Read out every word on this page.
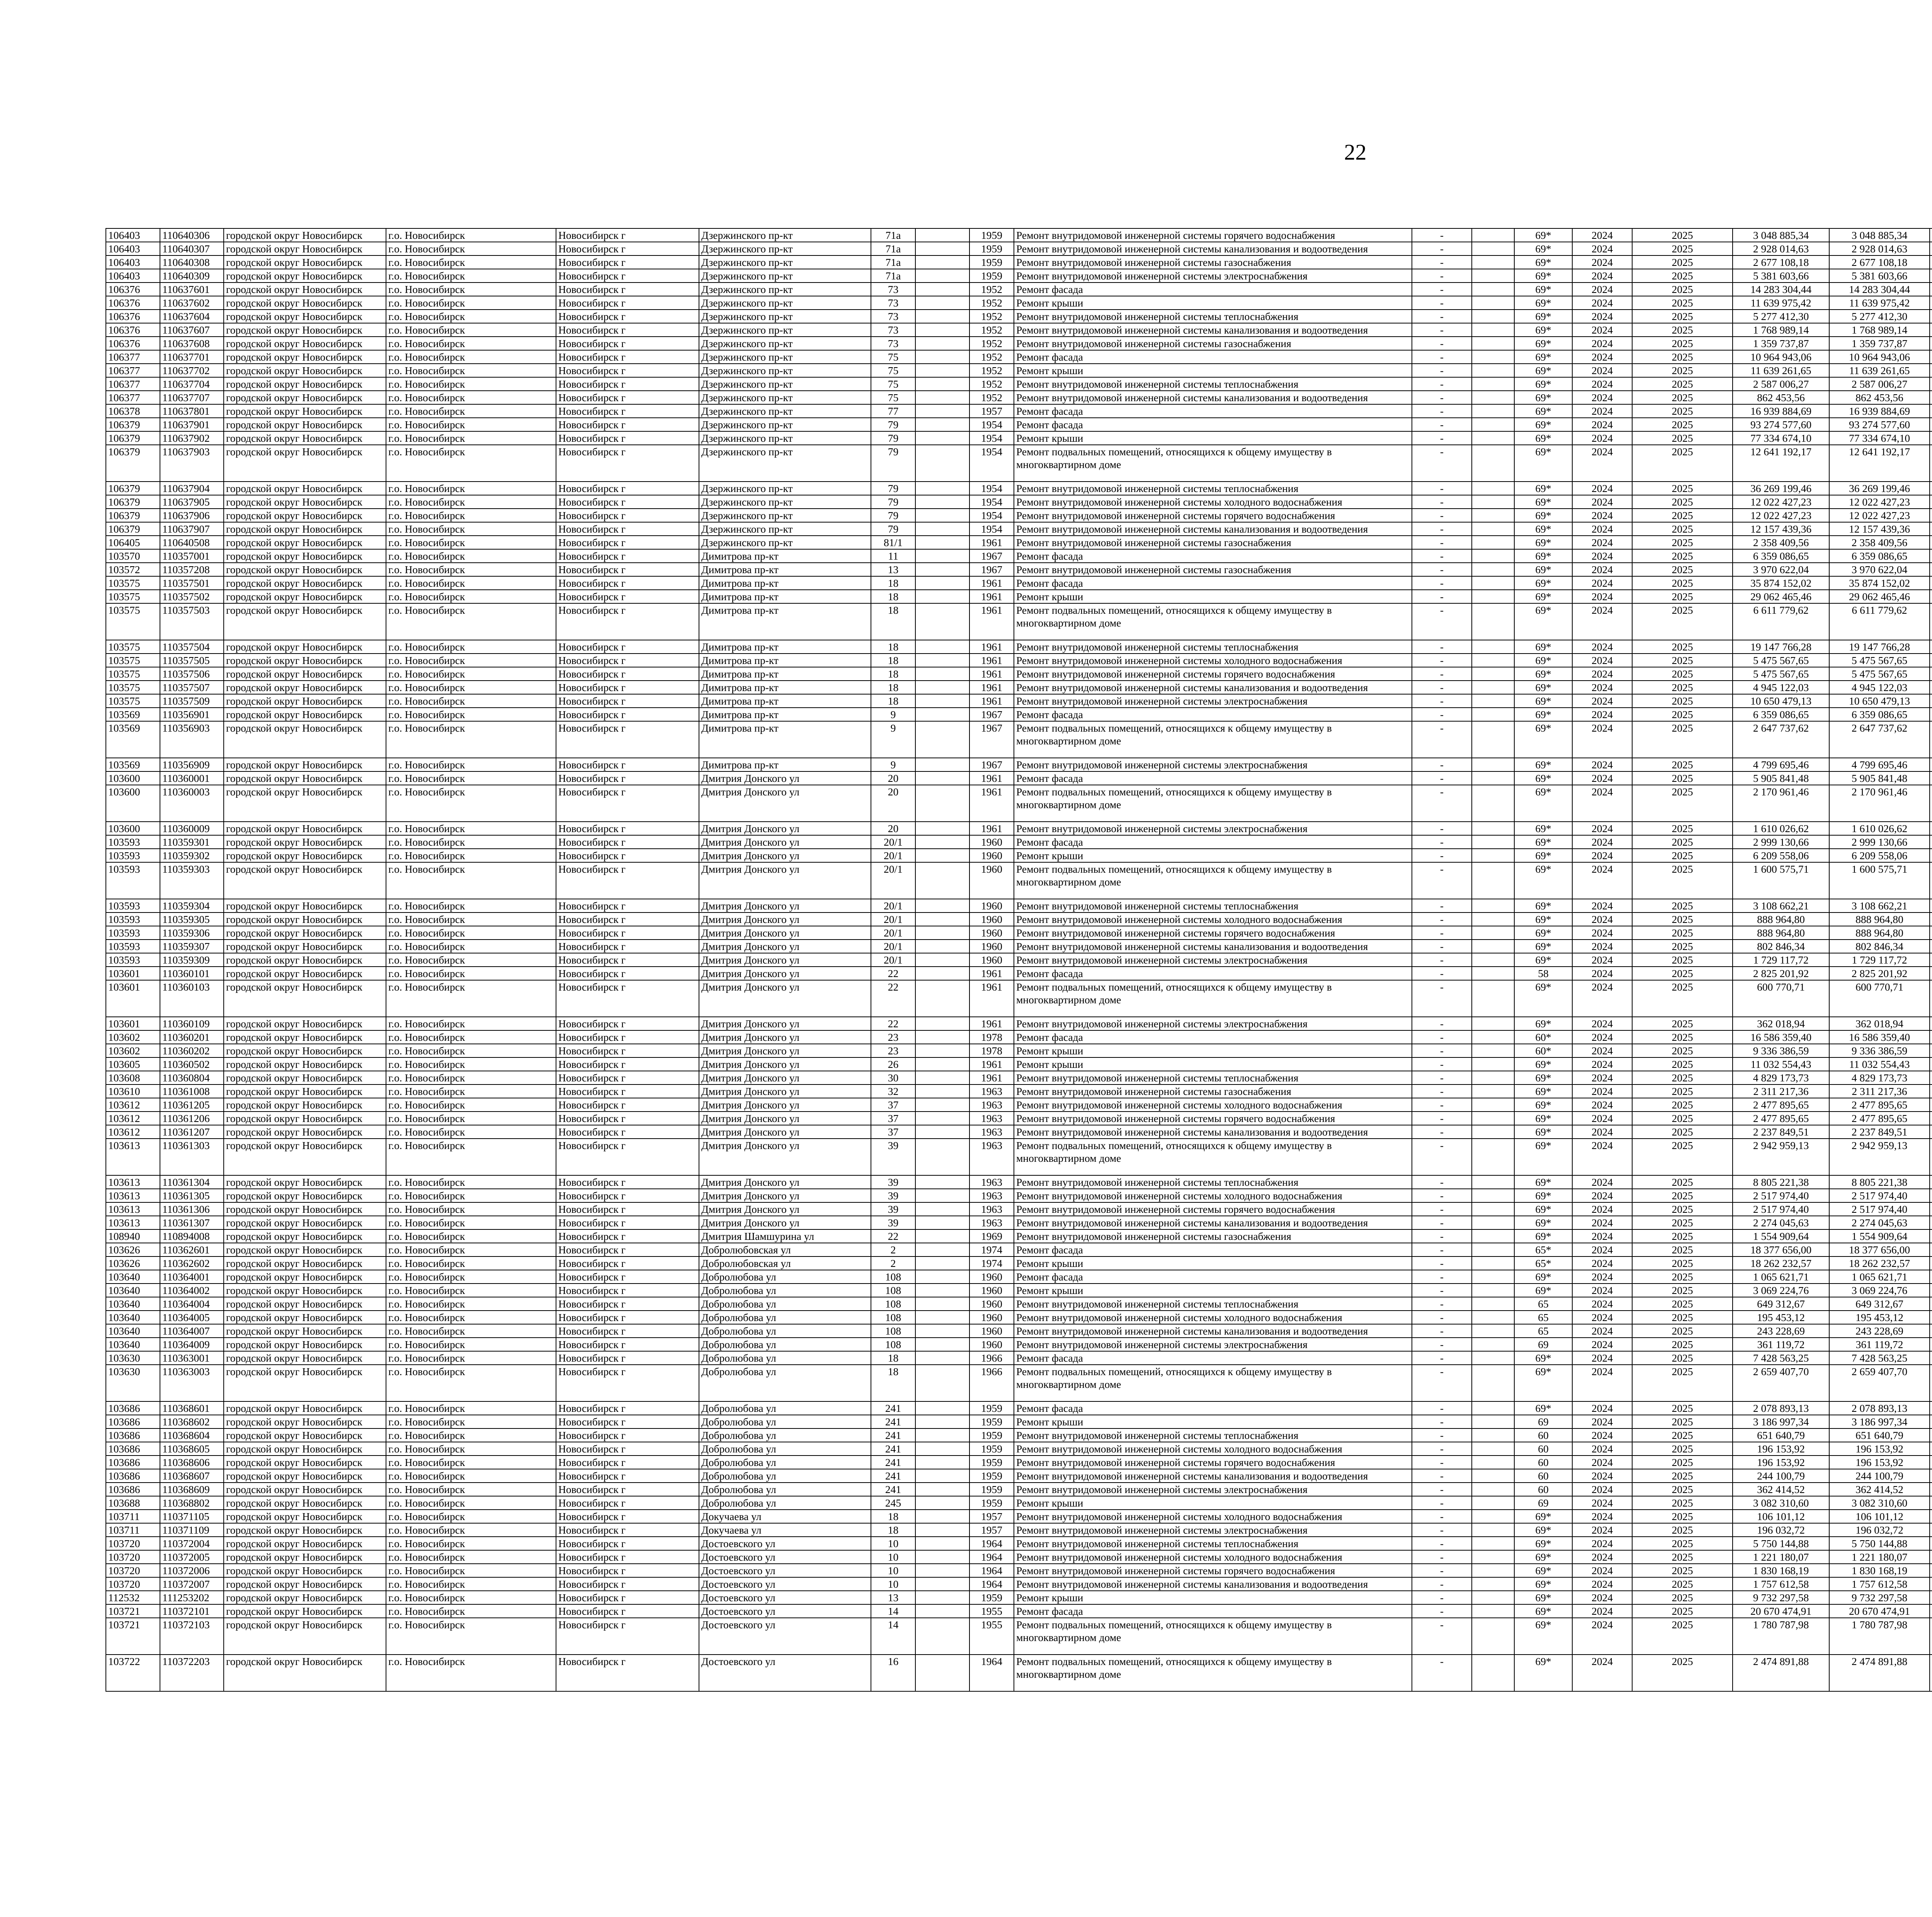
22
106403	110640306	городской округ Новосибирск	г.о. Новосибирск	Новосибирск г	Дзержинского пр-кт	71а		1959	Ремонт внутридомовой инженерной системы горячего водоснабжения	-		69*	2024	2025	3 048 885,34	3 048 885,34						
106403	110640307	городской округ Новосибирск	г.о. Новосибирск	Новосибирск г	Дзержинского пр-кт	71а		1959	Ремонт внутридомовой инженерной системы канализования и водоотведения	-		69*	2024	2025	2 928 014,63	2 928 014,63						
106403	110640308	городской округ Новосибирск	г.о. Новосибирск	Новосибирск г	Дзержинского пр-кт	71а		1959	Ремонт внутридомовой инженерной системы газоснабжения	-		69*	2024	2025	2 677 108,18	2 677 108,18						
106403	110640309	городской округ Новосибирск	г.о. Новосибирск	Новосибирск г	Дзержинского пр-кт	71а		1959	Ремонт внутридомовой инженерной системы электроснабжения	-		69*	2024	2025	5 381 603,66	5 381 603,66						
106376	110637601	городской округ Новосибирск	г.о. Новосибирск	Новосибирск г	Дзержинского пр-кт	73		1952	Ремонт фасада	-		69*	2024	2025	14 283 304,44	14 283 304,44						
106376	110637602	городской округ Новосибирск	г.о. Новосибирск	Новосибирск г	Дзержинского пр-кт	73		1952	Ремонт крыши	-		69*	2024	2025	11 639 975,42	11 639 975,42						
106376	110637604	городской округ Новосибирск	г.о. Новосибирск	Новосибирск г	Дзержинского пр-кт	73		1952	Ремонт внутридомовой инженерной системы теплоснабжения	-		69*	2024	2025	5 277 412,30	5 277 412,30						
106376	110637607	городской округ Новосибирск	г.о. Новосибирск	Новосибирск г	Дзержинского пр-кт	73		1952	Ремонт внутридомовой инженерной системы канализования и водоотведения	-		69*	2024	2025	1 768 989,14	1 768 989,14						
106376	110637608	городской округ Новосибирск	г.о. Новосибирск	Новосибирск г	Дзержинского пр-кт	73		1952	Ремонт внутридомовой инженерной системы газоснабжения	-		69*	2024	2025	1 359 737,87	1 359 737,87						
106377	110637701	городской округ Новосибирск	г.о. Новосибирск	Новосибирск г	Дзержинского пр-кт	75		1952	Ремонт фасада	-		69*	2024	2025	10 964 943,06	10 964 943,06						
106377	110637702	городской округ Новосибирск	г.о. Новосибирск	Новосибирск г	Дзержинского пр-кт	75		1952	Ремонт крыши	-		69*	2024	2025	11 639 261,65	11 639 261,65						
106377	110637704	городской округ Новосибирск	г.о. Новосибирск	Новосибирск г	Дзержинского пр-кт	75		1952	Ремонт внутридомовой инженерной системы теплоснабжения	-		69*	2024	2025	2 587 006,27	2 587 006,27						
106377	110637707	городской округ Новосибирск	г.о. Новосибирск	Новосибирск г	Дзержинского пр-кт	75		1952	Ремонт внутридомовой инженерной системы канализования и водоотведения	-		69*	2024	2025	862 453,56	862 453,56						
106378	110637801	городской округ Новосибирск	г.о. Новосибирск	Новосибирск г	Дзержинского пр-кт	77		1957	Ремонт фасада	-		69*	2024	2025	16 939 884,69	16 939 884,69						
106379	110637901	городской округ Новосибирск	г.о. Новосибирск	Новосибирск г	Дзержинского пр-кт	79		1954	Ремонт фасада	-		69*	2024	2025	93 274 577,60	93 274 577,60						
106379	110637902	городской округ Новосибирск	г.о. Новосибирск	Новосибирск г	Дзержинского пр-кт	79		1954	Ремонт крыши	-		69*	2024	2025	77 334 674,10	77 334 674,10						
106379	110637903	городской округ Новосибирск	г.о. Новосибирск	Новосибирск г	Дзержинского пр-кт	79		1954	Ремонт подвальных помещений, относящихся к общему имуществу в многоквартирном доме	-		69*	2024	2025	12 641 192,17	12 641 192,17						
106379	110637904	городской округ Новосибирск	г.о. Новосибирск	Новосибирск г	Дзержинского пр-кт	79		1954	Ремонт внутридомовой инженерной системы теплоснабжения	-		69*	2024	2025	36 269 199,46	36 269 199,46						
106379	110637905	городской округ Новосибирск	г.о. Новосибирск	Новосибирск г	Дзержинского пр-кт	79		1954	Ремонт внутридомовой инженерной системы холодного водоснабжения	-		69*	2024	2025	12 022 427,23	12 022 427,23						
106379	110637906	городской округ Новосибирск	г.о. Новосибирск	Новосибирск г	Дзержинского пр-кт	79		1954	Ремонт внутридомовой инженерной системы горячего водоснабжения	-		69*	2024	2025	12 022 427,23	12 022 427,23						
106379	110637907	городской округ Новосибирск	г.о. Новосибирск	Новосибирск г	Дзержинского пр-кт	79		1954	Ремонт внутридомовой инженерной системы канализования и водоотведения	-		69*	2024	2025	12 157 439,36	12 157 439,36						
106405	110640508	городской округ Новосибирск	г.о. Новосибирск	Новосибирск г	Дзержинского пр-кт	81/1		1961	Ремонт внутридомовой инженерной системы газоснабжения	-		69*	2024	2025	2 358 409,56	2 358 409,56						
103570	110357001	городской округ Новосибирск	г.о. Новосибирск	Новосибирск г	Димитрова пр-кт	11		1967	Ремонт фасада	-		69*	2024	2025	6 359 086,65	6 359 086,65						
103572	110357208	городской округ Новосибирск	г.о. Новосибирск	Новосибирск г	Димитрова пр-кт	13		1967	Ремонт внутридомовой инженерной системы газоснабжения	-		69*	2024	2025	3 970 622,04	3 970 622,04						
103575	110357501	городской округ Новосибирск	г.о. Новосибирск	Новосибирск г	Димитрова пр-кт	18		1961	Ремонт фасада	-		69*	2024	2025	35 874 152,02	35 874 152,02						
103575	110357502	городской округ Новосибирск	г.о. Новосибирск	Новосибирск г	Димитрова пр-кт	18		1961	Ремонт крыши	-		69*	2024	2025	29 062 465,46	29 062 465,46						
103575	110357503	городской округ Новосибирск	г.о. Новосибирск	Новосибирск г	Димитрова пр-кт	18		1961	Ремонт подвальных помещений, относящихся к общему имуществу в многоквартирном доме	-		69*	2024	2025	6 611 779,62	6 611 779,62						
103575	110357504	городской округ Новосибирск	г.о. Новосибирск	Новосибирск г	Димитрова пр-кт	18		1961	Ремонт внутридомовой инженерной системы теплоснабжения	-		69*	2024	2025	19 147 766,28	19 147 766,28						
103575	110357505	городской округ Новосибирск	г.о. Новосибирск	Новосибирск г	Димитрова пр-кт	18		1961	Ремонт внутридомовой инженерной системы холодного водоснабжения	-		69*	2024	2025	5 475 567,65	5 475 567,65						
103575	110357506	городской округ Новосибирск	г.о. Новосибирск	Новосибирск г	Димитрова пр-кт	18		1961	Ремонт внутридомовой инженерной системы горячего водоснабжения	-		69*	2024	2025	5 475 567,65	5 475 567,65						
103575	110357507	городской округ Новосибирск	г.о. Новосибирск	Новосибирск г	Димитрова пр-кт	18		1961	Ремонт внутридомовой инженерной системы канализования и водоотведения	-		69*	2024	2025	4 945 122,03	4 945 122,03						
103575	110357509	городской округ Новосибирск	г.о. Новосибирск	Новосибирск г	Димитрова пр-кт	18		1961	Ремонт внутридомовой инженерной системы электроснабжения	-		69*	2024	2025	10 650 479,13	10 650 479,13						
103569	110356901	городской округ Новосибирск	г.о. Новосибирск	Новосибирск г	Димитрова пр-кт	9		1967	Ремонт фасада	-		69*	2024	2025	6 359 086,65	6 359 086,65						
103569	110356903	городской округ Новосибирск	г.о. Новосибирск	Новосибирск г	Димитрова пр-кт	9		1967	Ремонт подвальных помещений, относящихся к общему имуществу в многоквартирном доме	-		69*	2024	2025	2 647 737,62	2 647 737,62						
103569	110356909	городской округ Новосибирск	г.о. Новосибирск	Новосибирск г	Димитрова пр-кт	9		1967	Ремонт внутридомовой инженерной системы электроснабжения	-		69*	2024	2025	4 799 695,46	4 799 695,46						
103600	110360001	городской округ Новосибирск	г.о. Новосибирск	Новосибирск г	Дмитрия Донского ул	20		1961	Ремонт фасада	-		69*	2024	2025	5 905 841,48	5 905 841,48						
103600	110360003	городской округ Новосибирск	г.о. Новосибирск	Новосибирск г	Дмитрия Донского ул	20		1961	Ремонт подвальных помещений, относящихся к общему имуществу в многоквартирном доме	-		69*	2024	2025	2 170 961,46	2 170 961,46						
103600	110360009	городской округ Новосибирск	г.о. Новосибирск	Новосибирск г	Дмитрия Донского ул	20		1961	Ремонт внутридомовой инженерной системы электроснабжения	-		69*	2024	2025	1 610 026,62	1 610 026,62						
103593	110359301	городской округ Новосибирск	г.о. Новосибирск	Новосибирск г	Дмитрия Донского ул	20/1		1960	Ремонт фасада	-		69*	2024	2025	2 999 130,66	2 999 130,66						
103593	110359302	городской округ Новосибирск	г.о. Новосибирск	Новосибирск г	Дмитрия Донского ул	20/1		1960	Ремонт крыши	-		69*	2024	2025	6 209 558,06	6 209 558,06						
103593	110359303	городской округ Новосибирск	г.о. Новосибирск	Новосибирск г	Дмитрия Донского ул	20/1		1960	Ремонт подвальных помещений, относящихся к общему имуществу в многоквартирном доме	-		69*	2024	2025	1 600 575,71	1 600 575,71						
103593	110359304	городской округ Новосибирск	г.о. Новосибирск	Новосибирск г	Дмитрия Донского ул	20/1		1960	Ремонт внутридомовой инженерной системы теплоснабжения	-		69*	2024	2025	3 108 662,21	3 108 662,21						
103593	110359305	городской округ Новосибирск	г.о. Новосибирск	Новосибирск г	Дмитрия Донского ул	20/1		1960	Ремонт внутридомовой инженерной системы холодного водоснабжения	-		69*	2024	2025	888 964,80	888 964,80						
103593	110359306	городской округ Новосибирск	г.о. Новосибирск	Новосибирск г	Дмитрия Донского ул	20/1		1960	Ремонт внутридомовой инженерной системы горячего водоснабжения	-		69*	2024	2025	888 964,80	888 964,80						
103593	110359307	городской округ Новосибирск	г.о. Новосибирск	Новосибирск г	Дмитрия Донского ул	20/1		1960	Ремонт внутридомовой инженерной системы канализования и водоотведения	-		69*	2024	2025	802 846,34	802 846,34						
103593	110359309	городской округ Новосибирск	г.о. Новосибирск	Новосибирск г	Дмитрия Донского ул	20/1		1960	Ремонт внутридомовой инженерной системы электроснабжения	-		69*	2024	2025	1 729 117,72	1 729 117,72						
103601	110360101	городской округ Новосибирск	г.о. Новосибирск	Новосибирск г	Дмитрия Донского ул	22		1961	Ремонт фасада	-		58	2024	2025	2 825 201,92	2 825 201,92						
103601	110360103	городской округ Новосибирск	г.о. Новосибирск	Новосибирск г	Дмитрия Донского ул	22		1961	Ремонт подвальных помещений, относящихся к общему имуществу в многоквартирном доме	-		69*	2024	2025	600 770,71	600 770,71						
103601	110360109	городской округ Новосибирск	г.о. Новосибирск	Новосибирск г	Дмитрия Донского ул	22		1961	Ремонт внутридомовой инженерной системы электроснабжения	-		69*	2024	2025	362 018,94	362 018,94						
103602	110360201	городской округ Новосибирск	г.о. Новосибирск	Новосибирск г	Дмитрия Донского ул	23		1978	Ремонт фасада	-		60*	2024	2025	16 586 359,40	16 586 359,40						
103602	110360202	городской округ Новосибирск	г.о. Новосибирск	Новосибирск г	Дмитрия Донского ул	23		1978	Ремонт крыши	-		60*	2024	2025	9 336 386,59	9 336 386,59						
103605	110360502	городской округ Новосибирск	г.о. Новосибирск	Новосибирск г	Дмитрия Донского ул	26		1961	Ремонт крыши	-		69*	2024	2025	11 032 554,43	11 032 554,43						
103608	110360804	городской округ Новосибирск	г.о. Новосибирск	Новосибирск г	Дмитрия Донского ул	30		1961	Ремонт внутридомовой инженерной системы теплоснабжения	-		69*	2024	2025	4 829 173,73	4 829 173,73						
103610	110361008	городской округ Новосибирск	г.о. Новосибирск	Новосибирск г	Дмитрия Донского ул	32		1963	Ремонт внутридомовой инженерной системы газоснабжения	-		69*	2024	2025	2 311 217,36	2 311 217,36						
103612	110361205	городской округ Новосибирск	г.о. Новосибирск	Новосибирск г	Дмитрия Донского ул	37		1963	Ремонт внутридомовой инженерной системы холодного водоснабжения	-		69*	2024	2025	2 477 895,65	2 477 895,65						
103612	110361206	городской округ Новосибирск	г.о. Новосибирск	Новосибирск г	Дмитрия Донского ул	37		1963	Ремонт внутридомовой инженерной системы горячего водоснабжения	-		69*	2024	2025	2 477 895,65	2 477 895,65						
103612	110361207	городской округ Новосибирск	г.о. Новосибирск	Новосибирск г	Дмитрия Донского ул	37		1963	Ремонт внутридомовой инженерной системы канализования и водоотведения	-		69*	2024	2025	2 237 849,51	2 237 849,51						
103613	110361303	городской округ Новосибирск	г.о. Новосибирск	Новосибирск г	Дмитрия Донского ул	39		1963	Ремонт подвальных помещений, относящихся к общему имуществу в многоквартирном доме	-		69*	2024	2025	2 942 959,13	2 942 959,13						
103613	110361304	городской округ Новосибирск	г.о. Новосибирск	Новосибирск г	Дмитрия Донского ул	39		1963	Ремонт внутридомовой инженерной системы теплоснабжения	-		69*	2024	2025	8 805 221,38	8 805 221,38						
103613	110361305	городской округ Новосибирск	г.о. Новосибирск	Новосибирск г	Дмитрия Донского ул	39		1963	Ремонт внутридомовой инженерной системы холодного водоснабжения	-		69*	2024	2025	2 517 974,40	2 517 974,40						
103613	110361306	городской округ Новосибирск	г.о. Новосибирск	Новосибирск г	Дмитрия Донского ул	39		1963	Ремонт внутридомовой инженерной системы горячего водоснабжения	-		69*	2024	2025	2 517 974,40	2 517 974,40						
103613	110361307	городской округ Новосибирск	г.о. Новосибирск	Новосибирск г	Дмитрия Донского ул	39		1963	Ремонт внутридомовой инженерной системы канализования и водоотведения	-		69*	2024	2025	2 274 045,63	2 274 045,63						
108940	110894008	городской округ Новосибирск	г.о. Новосибирск	Новосибирск г	Дмитрия Шамшурина ул	22		1969	Ремонт внутридомовой инженерной системы газоснабжения	-		69*	2024	2025	1 554 909,64	1 554 909,64						
103626	110362601	городской округ Новосибирск	г.о. Новосибирск	Новосибирск г	Добролюбовская ул	2		1974	Ремонт фасада	-		65*	2024	2025	18 377 656,00	18 377 656,00						
103626	110362602	городской округ Новосибирск	г.о. Новосибирск	Новосибирск г	Добролюбовская ул	2		1974	Ремонт крыши	-		65*	2024	2025	18 262 232,57	18 262 232,57						
103640	110364001	городской округ Новосибирск	г.о. Новосибирск	Новосибирск г	Добролюбова ул	108		1960	Ремонт фасада	-		69*	2024	2025	1 065 621,71	1 065 621,71						
103640	110364002	городской округ Новосибирск	г.о. Новосибирск	Новосибирск г	Добролюбова ул	108		1960	Ремонт крыши	-		69*	2024	2025	3 069 224,76	3 069 224,76						
103640	110364004	городской округ Новосибирск	г.о. Новосибирск	Новосибирск г	Добролюбова ул	108		1960	Ремонт внутридомовой инженерной системы теплоснабжения	-		65	2024	2025	649 312,67	649 312,67						
103640	110364005	городской округ Новосибирск	г.о. Новосибирск	Новосибирск г	Добролюбова ул	108		1960	Ремонт внутридомовой инженерной системы холодного водоснабжения	-		65	2024	2025	195 453,12	195 453,12						
103640	110364007	городской округ Новосибирск	г.о. Новосибирск	Новосибирск г	Добролюбова ул	108		1960	Ремонт внутридомовой инженерной системы канализования и водоотведения	-		65	2024	2025	243 228,69	243 228,69						
103640	110364009	городской округ Новосибирск	г.о. Новосибирск	Новосибирск г	Добролюбова ул	108		1960	Ремонт внутридомовой инженерной системы электроснабжения	-		69	2024	2025	361 119,72	361 119,72						
103630	110363001	городской округ Новосибирск	г.о. Новосибирск	Новосибирск г	Добролюбова ул	18		1966	Ремонт фасада	-		69*	2024	2025	7 428 563,25	7 428 563,25						
103630	110363003	городской округ Новосибирск	г.о. Новосибирск	Новосибирск г	Добролюбова ул	18		1966	Ремонт подвальных помещений, относящихся к общему имуществу в многоквартирном доме	-		69*	2024	2025	2 659 407,70	2 659 407,70						
103686	110368601	городской округ Новосибирск	г.о. Новосибирск	Новосибирск г	Добролюбова ул	241		1959	Ремонт фасада	-		69*	2024	2025	2 078 893,13	2 078 893,13						
103686	110368602	городской округ Новосибирск	г.о. Новосибирск	Новосибирск г	Добролюбова ул	241		1959	Ремонт крыши	-		69	2024	2025	3 186 997,34	3 186 997,34						
103686	110368604	городской округ Новосибирск	г.о. Новосибирск	Новосибирск г	Добролюбова ул	241		1959	Ремонт внутридомовой инженерной системы теплоснабжения	-		60	2024	2025	651 640,79	651 640,79						
103686	110368605	городской округ Новосибирск	г.о. Новосибирск	Новосибирск г	Добролюбова ул	241		1959	Ремонт внутридомовой инженерной системы холодного водоснабжения	-		60	2024	2025	196 153,92	196 153,92						
103686	110368606	городской округ Новосибирск	г.о. Новосибирск	Новосибирск г	Добролюбова ул	241		1959	Ремонт внутридомовой инженерной системы горячего водоснабжения	-		60	2024	2025	196 153,92	196 153,92						
103686	110368607	городской округ Новосибирск	г.о. Новосибирск	Новосибирск г	Добролюбова ул	241		1959	Ремонт внутридомовой инженерной системы канализования и водоотведения	-		60	2024	2025	244 100,79	244 100,79						
103686	110368609	городской округ Новосибирск	г.о. Новосибирск	Новосибирск г	Добролюбова ул	241		1959	Ремонт внутридомовой инженерной системы электроснабжения	-		60	2024	2025	362 414,52	362 414,52						
103688	110368802	городской округ Новосибирск	г.о. Новосибирск	Новосибирск г	Добролюбова ул	245		1959	Ремонт крыши	-		69	2024	2025	3 082 310,60	3 082 310,60						
103711	110371105	городской округ Новосибирск	г.о. Новосибирск	Новосибирск г	Докучаева ул	18		1957	Ремонт внутридомовой инженерной системы холодного водоснабжения	-		69*	2024	2025	106 101,12	106 101,12						
103711	110371109	городской округ Новосибирск	г.о. Новосибирск	Новосибирск г	Докучаева ул	18		1957	Ремонт внутридомовой инженерной системы электроснабжения	-		69*	2024	2025	196 032,72	196 032,72						
103720	110372004	городской округ Новосибирск	г.о. Новосибирск	Новосибирск г	Достоевского ул	10		1964	Ремонт внутридомовой инженерной системы теплоснабжения	-		69*	2024	2025	5 750 144,88	5 750 144,88						
103720	110372005	городской округ Новосибирск	г.о. Новосибирск	Новосибирск г	Достоевского ул	10		1964	Ремонт внутридомовой инженерной системы холодного водоснабжения	-		69*	2024	2025	1 221 180,07	1 221 180,07						
103720	110372006	городской округ Новосибирск	г.о. Новосибирск	Новосибирск г	Достоевского ул	10		1964	Ремонт внутридомовой инженерной системы горячего водоснабжения	-		69*	2024	2025	1 830 168,19	1 830 168,19						
103720	110372007	городской округ Новосибирск	г.о. Новосибирск	Новосибирск г	Достоевского ул	10		1964	Ремонт внутридомовой инженерной системы канализования и водоотведения	-		69*	2024	2025	1 757 612,58	1 757 612,58						
112532	111253202	городской округ Новосибирск	г.о. Новосибирск	Новосибирск г	Достоевского ул	13		1959	Ремонт крыши	-		69*	2024	2025	9 732 297,58	9 732 297,58						
103721	110372101	городской округ Новосибирск	г.о. Новосибирск	Новосибирск г	Достоевского ул	14		1955	Ремонт фасада	-		69*	2024	2025	20 670 474,91	20 670 474,91						
103721	110372103	городской округ Новосибирск	г.о. Новосибирск	Новосибирск г	Достоевского ул	14		1955	Ремонт подвальных помещений, относящихся к общему имуществу в многоквартирном доме	-		69*	2024	2025	1 780 787,98	1 780 787,98						
103722	110372203	городской округ Новосибирск	г.о. Новосибирск	Новосибирск г	Достоевского ул	16		1964	Ремонт подвальных помещений, относящихся к общему имуществу в многоквартирном доме	-		69*	2024	2025	2 474 891,88	2 474 891,88						
